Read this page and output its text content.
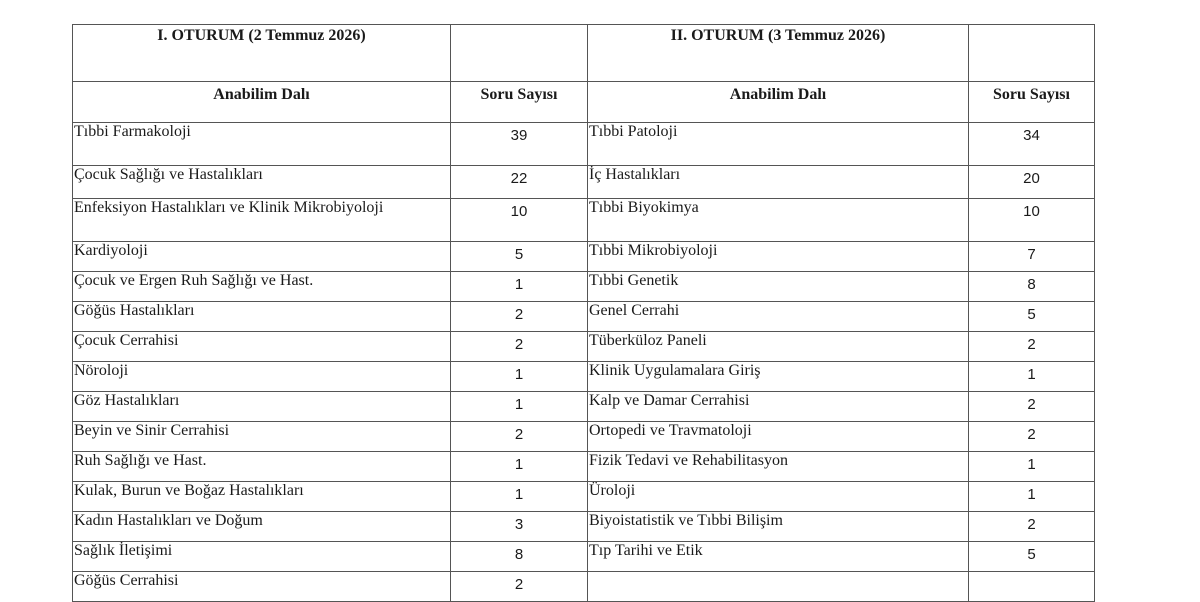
I. OTURUM (2 Temmuz 2026)		II. OTURUM (3 Temmuz 2026)	
Anabilim Dalı	Soru Sayısı	Anabilim Dalı	Soru Sayısı
Tıbbi Farmakoloji	39	Tıbbi Patoloji	34
Çocuk Sağlığı ve Hastalıkları	22	İç Hastalıkları	20
Enfeksiyon Hastalıkları ve Klinik Mikrobiyoloji	10	Tıbbi Biyokimya	10
Kardiyoloji	5	Tıbbi Mikrobiyoloji	7
Çocuk ve Ergen Ruh Sağlığı ve Hast.	1	Tıbbi Genetik	8
Göğüs Hastalıkları	2	Genel Cerrahi	5
Çocuk Cerrahisi	2	Tüberküloz Paneli	2
Nöroloji	1	Klinik Uygulamalara Giriş	1
Göz Hastalıkları	1	Kalp ve Damar Cerrahisi	2
Beyin ve Sinir Cerrahisi	2	Ortopedi ve Travmatoloji	2
Ruh Sağlığı ve Hast.	1	Fizik Tedavi ve Rehabilitasyon	1
Kulak, Burun ve Boğaz Hastalıkları	1	Üroloji	1
Kadın Hastalıkları ve Doğum	3	Biyoistatistik ve Tıbbi Bilişim	2
Sağlık İletişimi	8	Tıp Tarihi ve Etik	5
Göğüs Cerrahisi	2		
